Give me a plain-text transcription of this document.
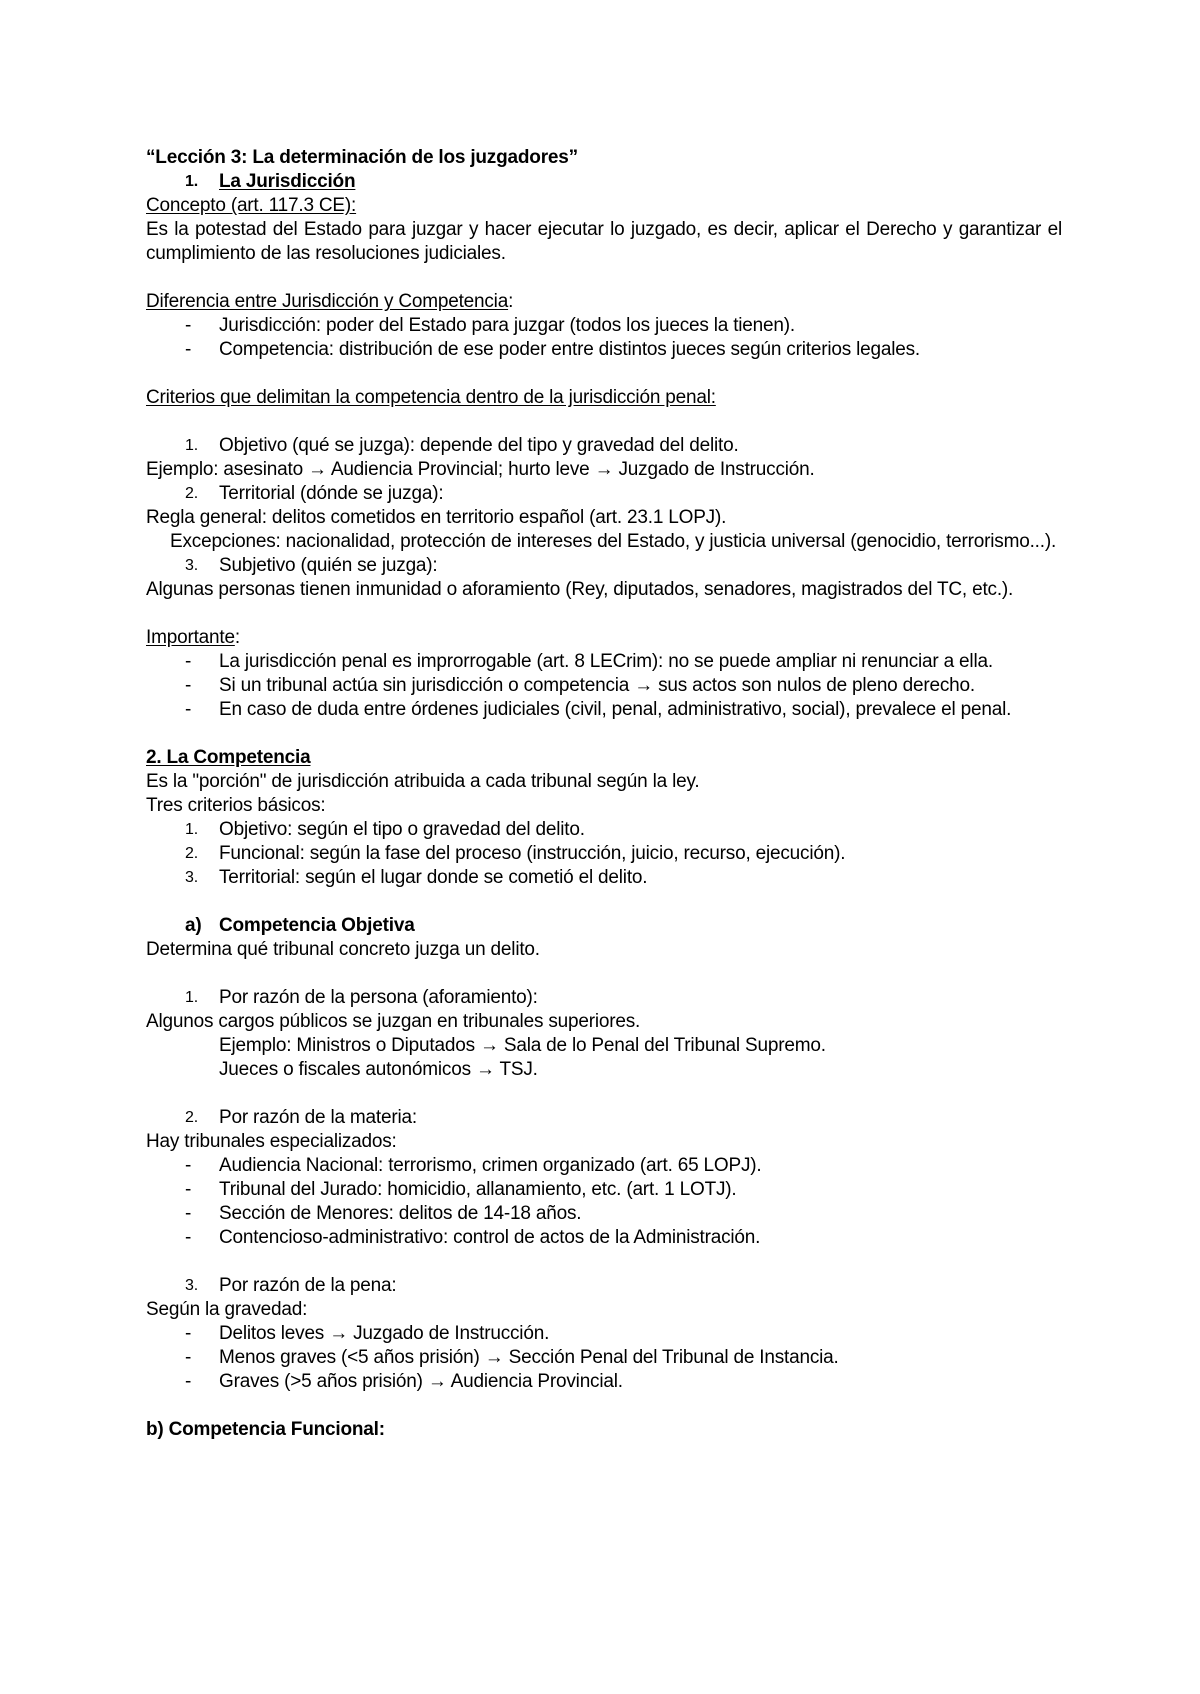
“Lección 3: La determinación de los juzgadores”

1. La Jurisdicción

Concepto (art. 117.3 CE):

Es la potestad del Estado para juzgar y hacer ejecutar lo juzgado, es decir, aplicar el Derecho y garantizar el cumplimiento de las resoluciones judiciales.

Diferencia entre Jurisdicción y Competencia:

- Jurisdicción: poder del Estado para juzgar (todos los jueces la tienen).

- Competencia: distribución de ese poder entre distintos jueces según criterios legales.

Criterios que delimitan la competencia dentro de la jurisdicción penal:

1. Objetivo (qué se juzga): depende del tipo y gravedad del delito.

Ejemplo: asesinato → Audiencia Provincial; hurto leve → Juzgado de Instrucción.

2. Territorial (dónde se juzga):

Regla general: delitos cometidos en territorio español (art. 23.1 LOPJ).

Excepciones: nacionalidad, protección de intereses del Estado, y justicia universal (genocidio, terrorismo...).

3. Subjetivo (quién se juzga):

Algunas personas tienen inmunidad o aforamiento (Rey, diputados, senadores, magistrados del TC, etc.).

Importante:

- La jurisdicción penal es improrrogable (art. 8 LECrim): no se puede ampliar ni renunciar a ella.

- Si un tribunal actúa sin jurisdicción o competencia → sus actos son nulos de pleno derecho.

- En caso de duda entre órdenes judiciales (civil, penal, administrativo, social), prevalece el penal.

2. La Competencia

Es la "porción" de jurisdicción atribuida a cada tribunal según la ley.

Tres criterios básicos:

1. Objetivo: según el tipo o gravedad del delito.

2. Funcional: según la fase del proceso (instrucción, juicio, recurso, ejecución).

3. Territorial: según el lugar donde se cometió el delito.

a) Competencia Objetiva

Determina qué tribunal concreto juzga un delito.

1. Por razón de la persona (aforamiento):

Algunos cargos públicos se juzgan en tribunales superiores.

Ejemplo: Ministros o Diputados → Sala de lo Penal del Tribunal Supremo.

Jueces o fiscales autonómicos → TSJ.

2. Por razón de la materia:

Hay tribunales especializados:

- Audiencia Nacional: terrorismo, crimen organizado (art. 65 LOPJ).

- Tribunal del Jurado: homicidio, allanamiento, etc. (art. 1 LOTJ).

- Sección de Menores: delitos de 14-18 años.

- Contencioso-administrativo: control de actos de la Administración.

3. Por razón de la pena:

Según la gravedad:

- Delitos leves → Juzgado de Instrucción.

- Menos graves (<5 años prisión) → Sección Penal del Tribunal de Instancia.

- Graves (>5 años prisión) → Audiencia Provincial.

b) Competencia Funcional:
